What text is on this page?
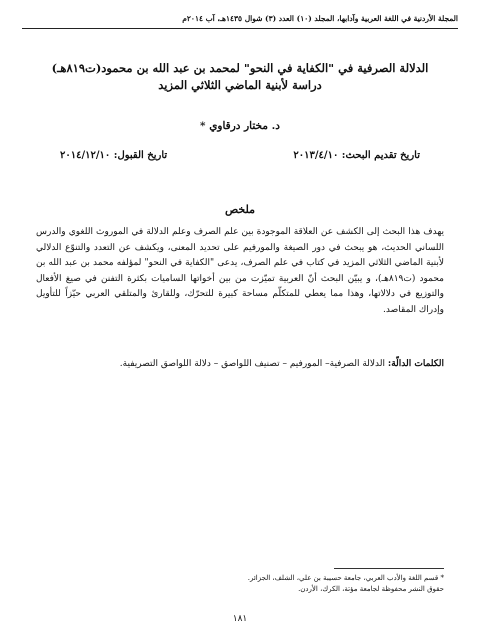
المجلة الأردنية في اللغة العربية وآدابها، المجلد (١٠) العدد (٣) شوال ١٤٣٥هـ، آب ٢٠١٤م
الدلالة الصرفية في "الكفاية في النحو" لمحمد بن عبد الله بن محمود(ت٨١٩هـ)
دراسة لأبنية الماضي الثلاثي المزيد
د. مختار درقاوي *
تاريخ تقديم البحث: ٢٠١٣/٤/١٠
تاريخ القبول: ٢٠١٤/١٢/١٠
ملخص
يهدف هذا البحث إلى الكشف عن العلاقة الموجودة بين علم الصرف وعلم الدلالة في الموروث اللغوي والدرس اللساني الحديث، هو يبحث في دور الصيغة والمورفيم على تحديد المعنى، ويكشف عن التعدد والتنوّع الدلالي لأبنية الماضي الثلاثي المزيد في كتاب في علم الصرف، يدعى "الكفاية في النحو" لمؤلفه محمد بن عبد الله بن محمود (ت٨١٩هـ)، و يبيّن البحث أنّ العربية تميّزت من بين أخواتها الساميات بكثرة التفنن في صيغ الأفعال والتوزيع في دلالاتها، وهذا مما يعطي للمتكلّم مساحة كبيرة للتحرّك، وللقارئ والمتلقي العربي حيّزاً للتأويل وإدراك المقاصد.
الكلمات الدالّة: الدلالة الصرفية– المورفيم – تصنيف اللواصق – دلالة اللواصق التصريفية.
* قسم اللغة والأدب العربي، جامعة حسيبة بن علي، الشلف، الجزائر.
حقوق النشر محفوظة لجامعة مؤتة، الكرك، الأردن.
١٨١
